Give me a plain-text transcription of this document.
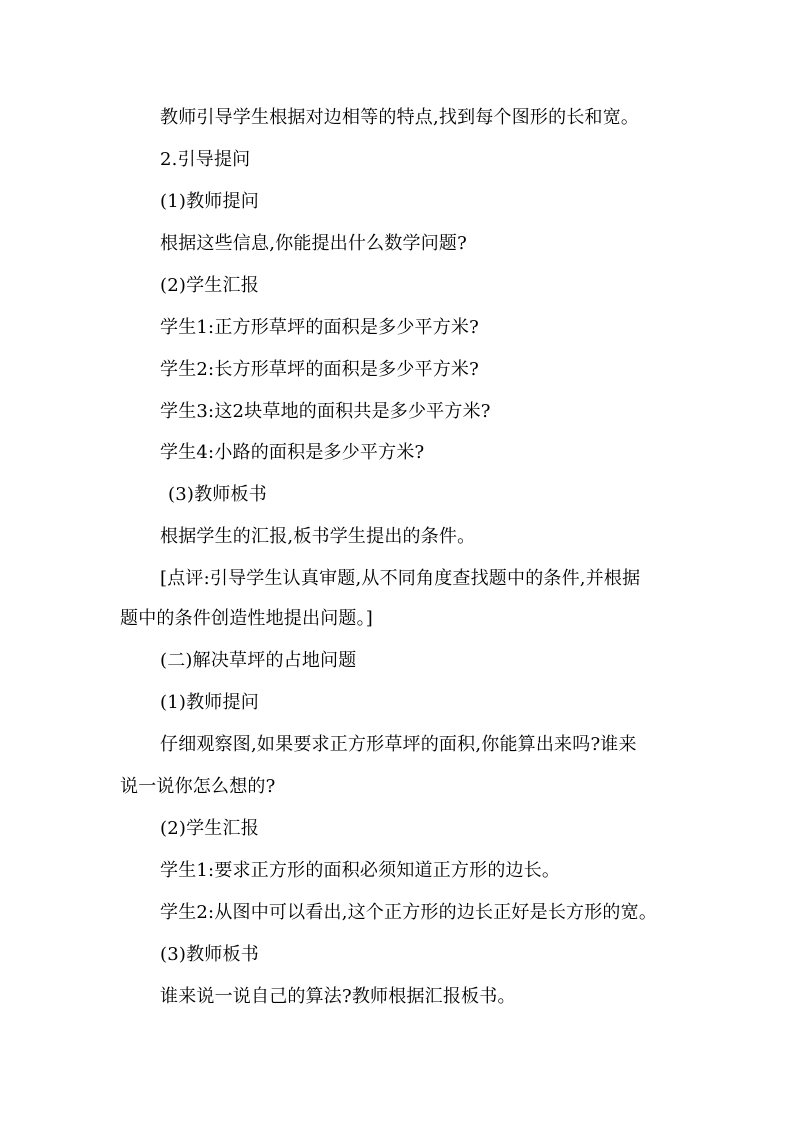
教师引导学生根据对边相等的特点,找到每个图形的长和宽。
2.引导提问
(1)教师提问
根据这些信息,你能提出什么数学问题?
(2)学生汇报
学生1:正方形草坪的面积是多少平方米?
学生2:长方形草坪的面积是多少平方米?
学生3:这2块草地的面积共是多少平方米?
学生4:小路的面积是多少平方米?
(3)教师板书
根据学生的汇报,板书学生提出的条件。
[点评:引导学生认真审题,从不同角度查找题中的条件,并根据
题中的条件创造性地提出问题。]
(二)解决草坪的占地问题
(1)教师提问
仔细观察图,如果要求正方形草坪的面积,你能算出来吗?谁来
说一说你怎么想的?
(2)学生汇报
学生1:要求正方形的面积必须知道正方形的边长。
学生2:从图中可以看出,这个正方形的边长正好是长方形的宽。
(3)教师板书
谁来说一说自己的算法?教师根据汇报板书。
